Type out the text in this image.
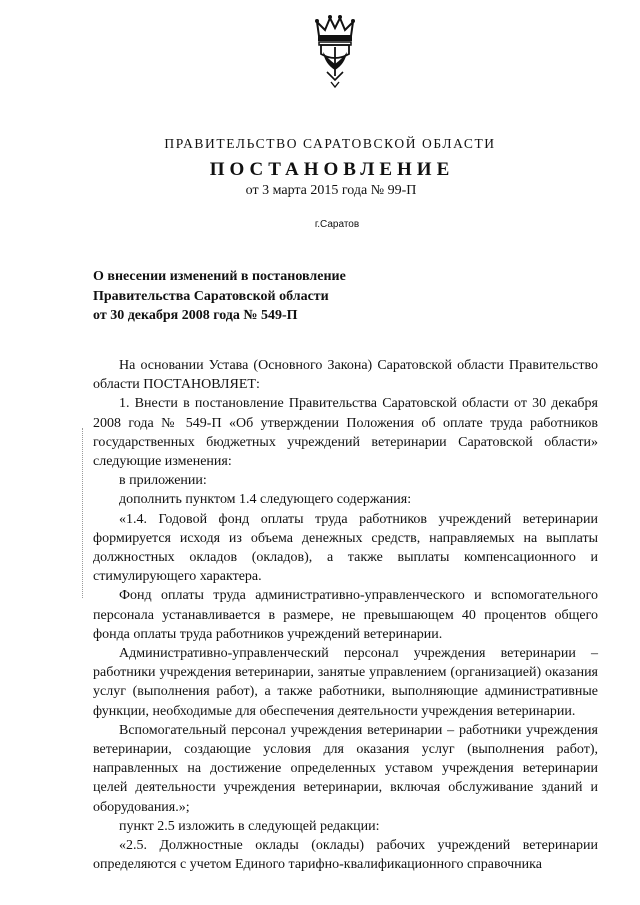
ПРАВИТЕЛЬСТВО САРАТОВСКОЙ ОБЛАСТИ
ПОСТАНОВЛЕНИЕ
от 3 марта 2015 года № 99-П
г.Саратов
О внесении изменений в постановление
Правительства Саратовской области
от 30 декабря 2008 года № 549-П

На основании Устава (Основного Закона) Саратовской области Правительство области ПОСТАНОВЛЯЕТ:

1. Внести в постановление Правительства Саратовской области от 30 декабря 2008 года № 549-П «Об утверждении Положения об оплате труда работников государственных бюджетных учреждений ветеринарии Саратовской области» следующие изменения:

в приложении:

дополнить пунктом 1.4 следующего содержания:

«1.4. Годовой фонд оплаты труда работников учреждений ветеринарии формируется исходя из объема денежных средств, направляемых на выплаты должностных окладов (окладов), а также выплаты компенсационного и стимулирующего характера.

Фонд оплаты труда административно-управленческого и вспомогательного персонала устанавливается в размере, не превышающем 40 процентов общего фонда оплаты труда работников учреждений ветеринарии.

Административно-управленческий персонал учреждения ветеринарии – работники учреждения ветеринарии, занятые управлением (организацией) оказания услуг (выполнения работ), а также работники, выполняющие административные функции, необходимые для обеспечения деятельности учреждения ветеринарии.

Вспомогательный персонал учреждения ветеринарии – работники учреждения ветеринарии, создающие условия для оказания услуг (выполнения работ), направленных на достижение определенных уставом учреждения ветеринарии целей деятельности учреждения ветеринарии, включая обслуживание зданий и оборудования.»;

пункт 2.5 изложить в следующей редакции:

«2.5. Должностные оклады (оклады) рабочих учреждений ветеринарии определяются с учетом Единого тарифно-квалификационного справочника
